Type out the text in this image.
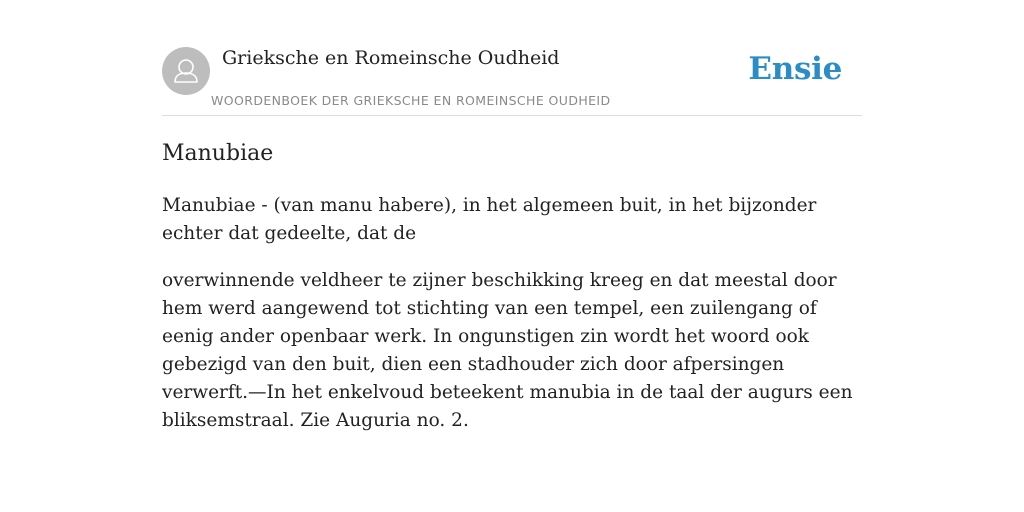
Grieksche en Romeinsche Oudheid
WOORDENBOEK DER GRIEKSCHE EN ROMEINSCHE OUDHEID
Ensie
Manubiae

Manubiae - (van manu habere), in het algemeen buit, in het bijzonder echter dat gedeelte, dat de

overwinnende veldheer te zijner beschikking kreeg en dat meestal door hem werd aangewend tot stichting van een tempel, een zuilengang of eenig ander openbaar werk. In ongunstigen zin wordt het woord ook gebezigd van den buit, dien een stadhouder zich door afpersingen verwerft.—In het enkelvoud beteekent manubia in de taal der augurs een bliksemstraal. Zie Auguria no. 2.
